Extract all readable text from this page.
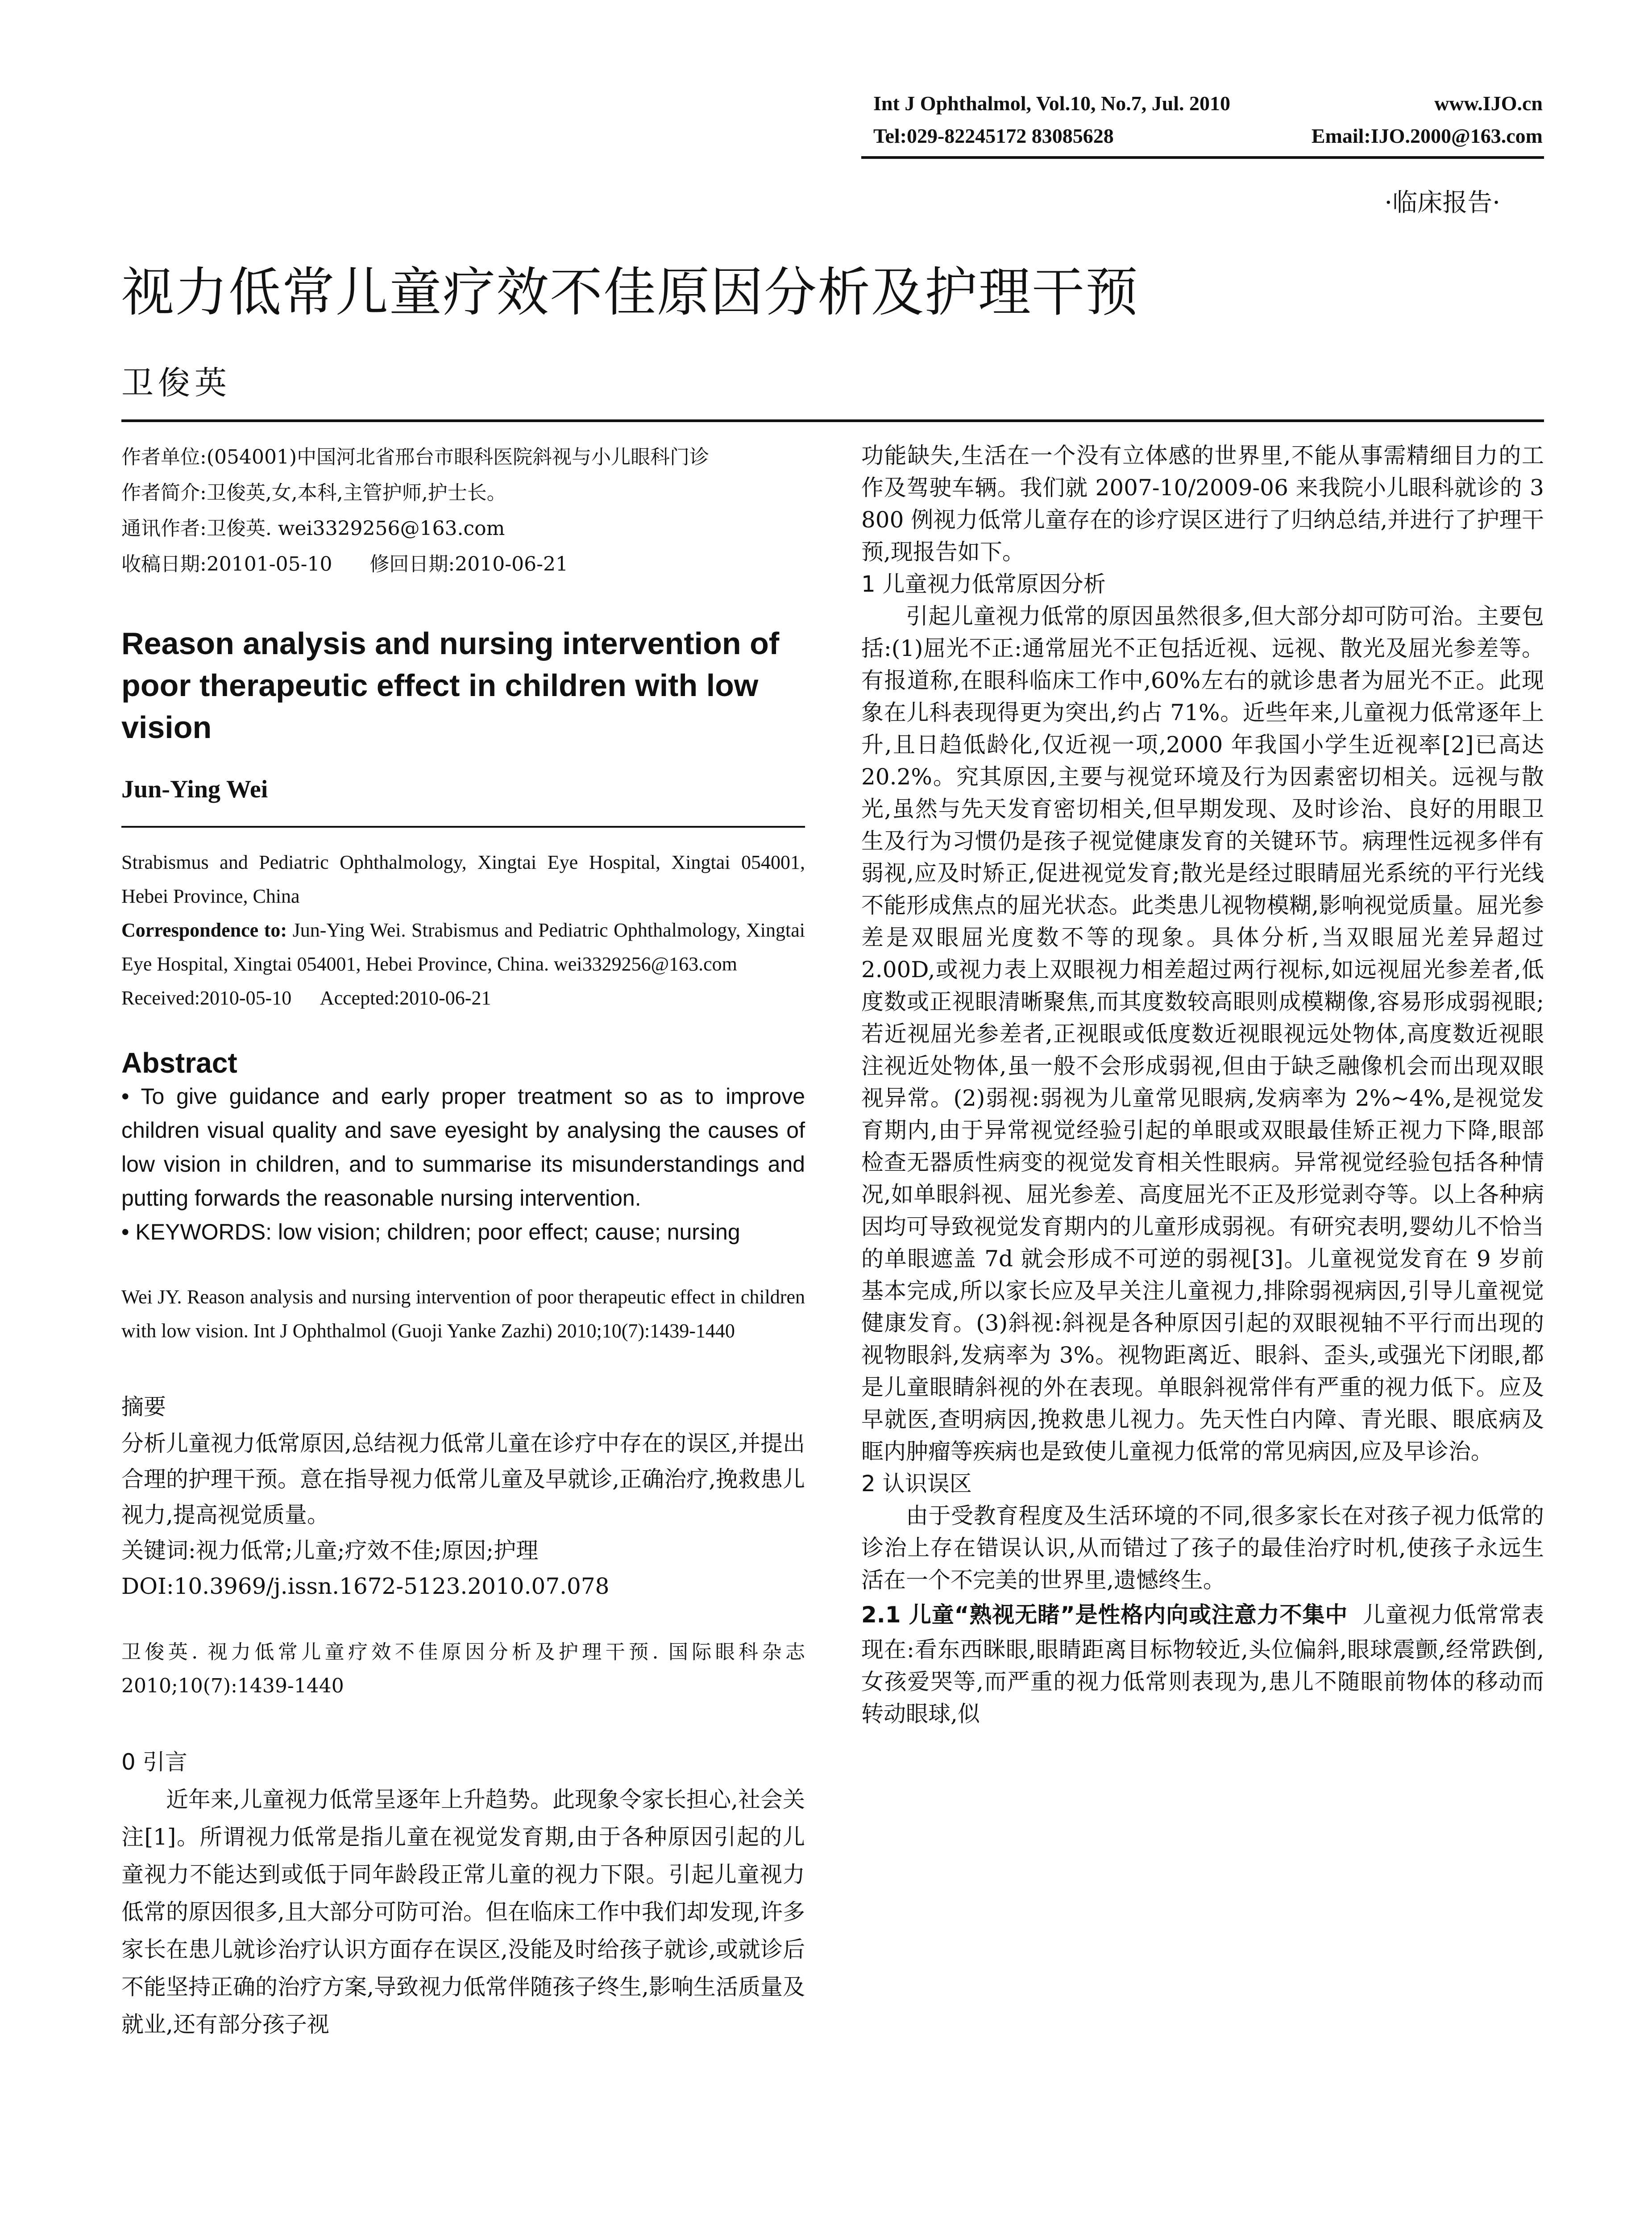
Int J Ophthalmol, Vol.10, No.7, Jul. 2010	www.IJO.cn
Tel:029-82245172 83085628	Email:IJO.2000@163.com
·临床报告·
视力低常儿童疗效不佳原因分析及护理干预
卫俊英

作者单位:(054001)中国河北省邢台市眼科医院斜视与小儿眼科门诊

作者简介:卫俊英,女,本科,主管护师,护士长。

通讯作者:卫俊英. wei3329256@163.com

收稿日期:20101-05-10      修回日期:2010-06-21

Reason analysis and nursing intervention of poor therapeutic effect in children with low vision
Jun-Ying Wei
Strabismus and Pediatric Ophthalmology, Xingtai Eye Hospital, Xingtai 054001, Hebei Province, China
Correspondence to: Jun-Ying Wei. Strabismus and Pediatric Ophthalmology, Xingtai Eye Hospital, Xingtai 054001, Hebei Province, China. wei3329256@163.com
Received:2010-05-10      Accepted:2010-06-21
Abstract
• To give guidance and early proper treatment so as to improve children visual quality and save eyesight by analysing the causes of low vision in children, and to summarise its misunderstandings and putting forwards the reasonable nursing intervention.
• KEYWORDS: low vision; children; poor effect; cause; nursing
Wei JY. Reason analysis and nursing intervention of poor therapeutic effect in children with low vision. Int J Ophthalmol (Guoji Yanke Zazhi) 2010;10(7):1439-1440
摘要

分析儿童视力低常原因,总结视力低常儿童在诊疗中存在的误区,并提出合理的护理干预。意在指导视力低常儿童及早就诊,正确治疗,挽救患儿视力,提高视觉质量。

关键词:视力低常;儿童;疗效不佳;原因;护理

DOI:10.3969/j.issn.1672-5123.2010.07.078

卫俊英. 视力低常儿童疗效不佳原因分析及护理干预. 国际眼科杂志 2010;10(7):1439-1440
0 引言
近年来,儿童视力低常呈逐年上升趋势。此现象令家长担心,社会关注[1]。所谓视力低常是指儿童在视觉发育期,由于各种原因引起的儿童视力不能达到或低于同年龄段正常儿童的视力下限。引起儿童视力低常的原因很多,且大部分可防可治。但在临床工作中我们却发现,许多家长在患儿就诊治疗认识方面存在误区,没能及时给孩子就诊,或就诊后不能坚持正确的治疗方案,导致视力低常伴随孩子终生,影响生活质量及就业,还有部分孩子视
功能缺失,生活在一个没有立体感的世界里,不能从事需精细目力的工作及驾驶车辆。我们就 2007-10/2009-06 来我院小儿眼科就诊的 3 800 例视力低常儿童存在的诊疗误区进行了归纳总结,并进行了护理干预,现报告如下。
1 儿童视力低常原因分析
引起儿童视力低常的原因虽然很多,但大部分却可防可治。主要包括:(1)屈光不正:通常屈光不正包括近视、远视、散光及屈光参差等。有报道称,在眼科临床工作中,60%左右的就诊患者为屈光不正。此现象在儿科表现得更为突出,约占 71%。近些年来,儿童视力低常逐年上升,且日趋低龄化,仅近视一项,2000 年我国小学生近视率[2]已高达 20.2%。究其原因,主要与视觉环境及行为因素密切相关。远视与散光,虽然与先天发育密切相关,但早期发现、及时诊治、良好的用眼卫生及行为习惯仍是孩子视觉健康发育的关键环节。病理性远视多伴有弱视,应及时矫正,促进视觉发育;散光是经过眼睛屈光系统的平行光线不能形成焦点的屈光状态。此类患儿视物模糊,影响视觉质量。屈光参差是双眼屈光度数不等的现象。具体分析,当双眼屈光差异超过 2.00D,或视力表上双眼视力相差超过两行视标,如远视屈光参差者,低度数或正视眼清晰聚焦,而其度数较高眼则成模糊像,容易形成弱视眼;若近视屈光参差者,正视眼或低度数近视眼视远处物体,高度数近视眼注视近处物体,虽一般不会形成弱视,但由于缺乏融像机会而出现双眼视异常。(2)弱视:弱视为儿童常见眼病,发病率为 2%~4%,是视觉发育期内,由于异常视觉经验引起的单眼或双眼最佳矫正视力下降,眼部检查无器质性病变的视觉发育相关性眼病。异常视觉经验包括各种情况,如单眼斜视、屈光参差、高度屈光不正及形觉剥夺等。以上各种病因均可导致视觉发育期内的儿童形成弱视。有研究表明,婴幼儿不恰当的单眼遮盖 7d 就会形成不可逆的弱视[3]。儿童视觉发育在 9 岁前基本完成,所以家长应及早关注儿童视力,排除弱视病因,引导儿童视觉健康发育。(3)斜视:斜视是各种原因引起的双眼视轴不平行而出现的视物眼斜,发病率为 3%。视物距离近、眼斜、歪头,或强光下闭眼,都是儿童眼睛斜视的外在表现。单眼斜视常伴有严重的视力低下。应及早就医,查明病因,挽救患儿视力。先天性白内障、青光眼、眼底病及眶内肿瘤等疾病也是致使儿童视力低常的常见病因,应及早诊治。
2 认识误区
由于受教育程度及生活环境的不同,很多家长在对孩子视力低常的诊治上存在错误认识,从而错过了孩子的最佳治疗时机,使孩子永远生活在一个不完美的世界里,遗憾终生。
2.1 儿童“熟视无睹”是性格内向或注意力不集中 儿童视力低常常表现在:看东西眯眼,眼睛距离目标物较近,头位偏斜,眼球震颤,经常跌倒,女孩爱哭等,而严重的视力低常则表现为,患儿不随眼前物体的移动而转动眼球,似
